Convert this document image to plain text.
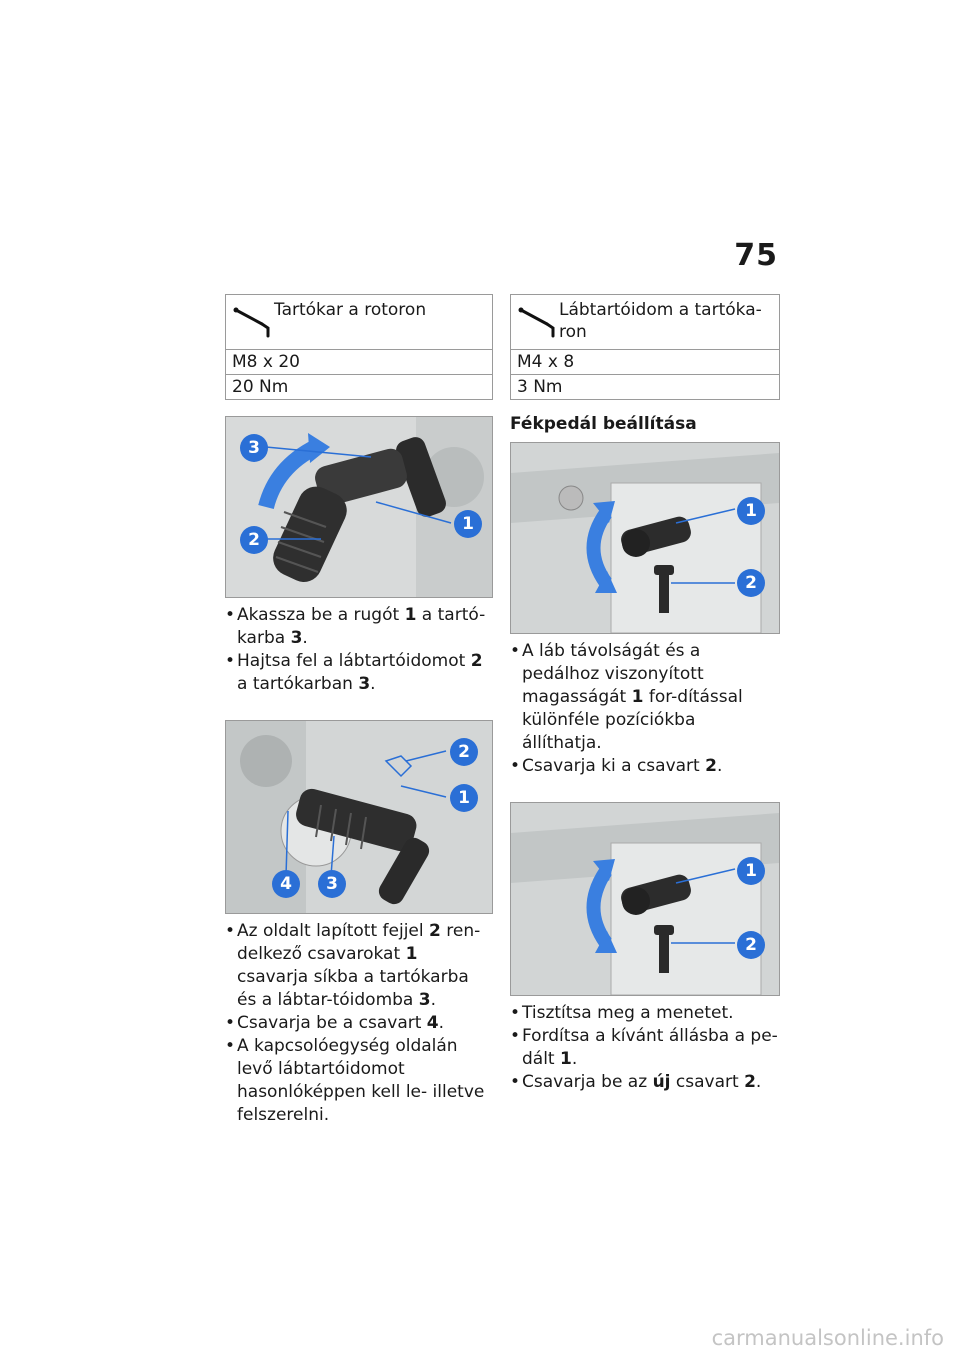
75
Tartókar a rotoron

M8 x 20
20 Nm
3
2
1
• Akassza be a rugót 1 a tartó-karba 3.
• Hajtsa fel a lábtartóidomot 2 a tartókarban 3.
2
1
4	3
• Az oldalt lapított fejjel 2 ren-delkező csavarokat 1 csavarja síkba a tartókarba és a lábtar-tóidomba 3.
• Csavarja be a csavart 4.
• A kapcsolóegység oldalán levő lábtartóidomot hasonlóképpen kell le- illetve felszerelni.
Lábtartóidom a tartóka-ron

M4 x 8
3 Nm
Fékpedál beállítása
1
2
• A láb távolságát és a pedálhoz viszonyított magasságát 1 for-dítással különféle pozíciókba állíthatja.
• Csavarja ki a csavart 2.
1
2
• Tisztítsa meg a menetet.
• Fordítsa a kívánt állásba a pe-dált 1.
• Csavarja be az új csavart 2.
carmanualsonline.info
